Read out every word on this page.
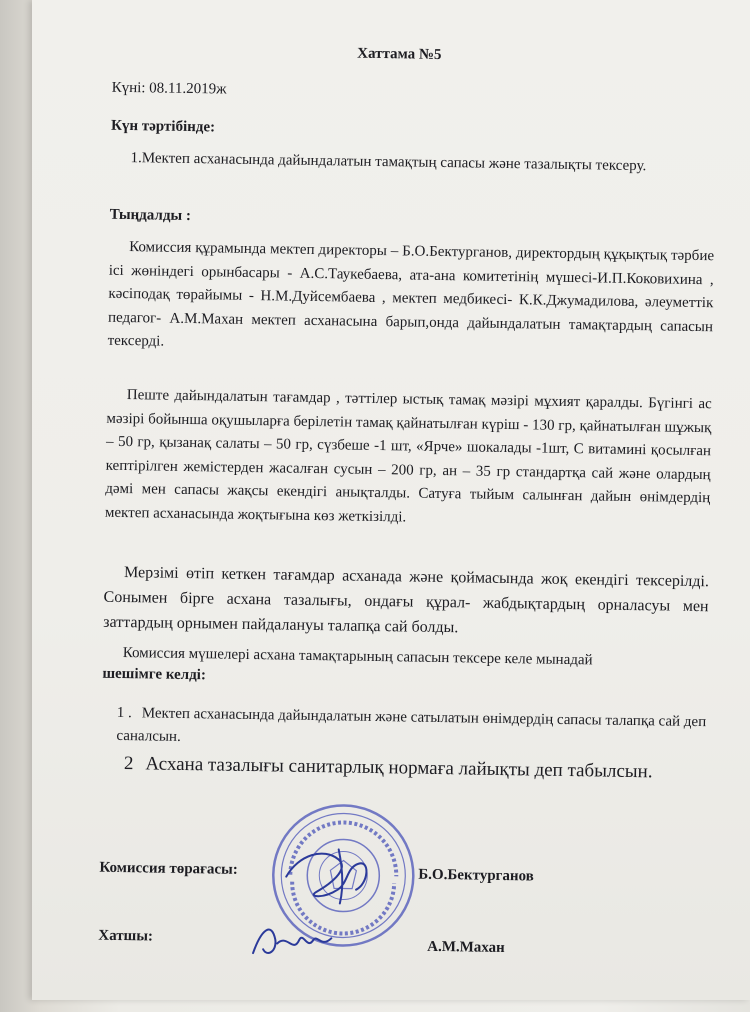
Хаттама №5
Күні: 08.11.2019ж
Күн тәртібінде:
1.Мектеп асханасында дайындалатын тамақтың сапасы және тазалықты тексеру.
Тыңдалды :
Комиссия құрамында мектеп директоры – Б.О.Бектурганов, директордың құқықтық тәрбие ісі жөніндегі орынбасары - А.С.Таукебаева, ата-ана комитетінің мүшесі-И.П.Коковихина , кәсіподақ төрайымы - Н.М.Дуйсембаева , мектеп медбикесі- К.К.Джумадилова, әлеуметтік педагог- А.М.Махан мектеп асханасына барып,онда дайындалатын тамақтардың сапасын тексерді.
Пеште дайындалатын тағамдар , тәттілер ыстық тамақ мәзірі мұхият қаралды. Бүгінгі ас мәзірі бойынша оқушыларға берілетін тамақ қайнатылған күріш - 130 гр, қайнатылған шұжық – 50 гр, қызанақ салаты – 50 гр, сүзбеше -1 шт, «Ярче» шокалады -1шт, С витамині қосылған кептірілген жемістерден жасалған сусын – 200 гр, ан – 35 гр стандартқа сай және олардың дәмі мен сапасы жақсы екендігі анықталды. Сатуға тыйым салынған дайын өнімдердің мектеп асханасында жоқтығына көз жеткізілді.
Мерзімі өтіп кеткен тағамдар асханада және қоймасында жоқ екендігі тексерілді. Сонымен бірге асхана тазалығы, ондағы құрал- жабдықтардың орналасуы мен заттардың орнымен пайдалануы талапқа сай болды.
Комиссия мүшелері асхана тамақтарының сапасын тексере келе мынадай
шешімге келді:
1 . Мектеп асханасында дайындалатын және сатылатын өнімдердің сапасы талапқа сай деп саналсын.
2 Асхана тазалығы санитарлық нормаға лайықты деп табылсын.
Комиссия төрағасы:	Б.О.Бектурганов
Хатшы:
А.М.Махан
